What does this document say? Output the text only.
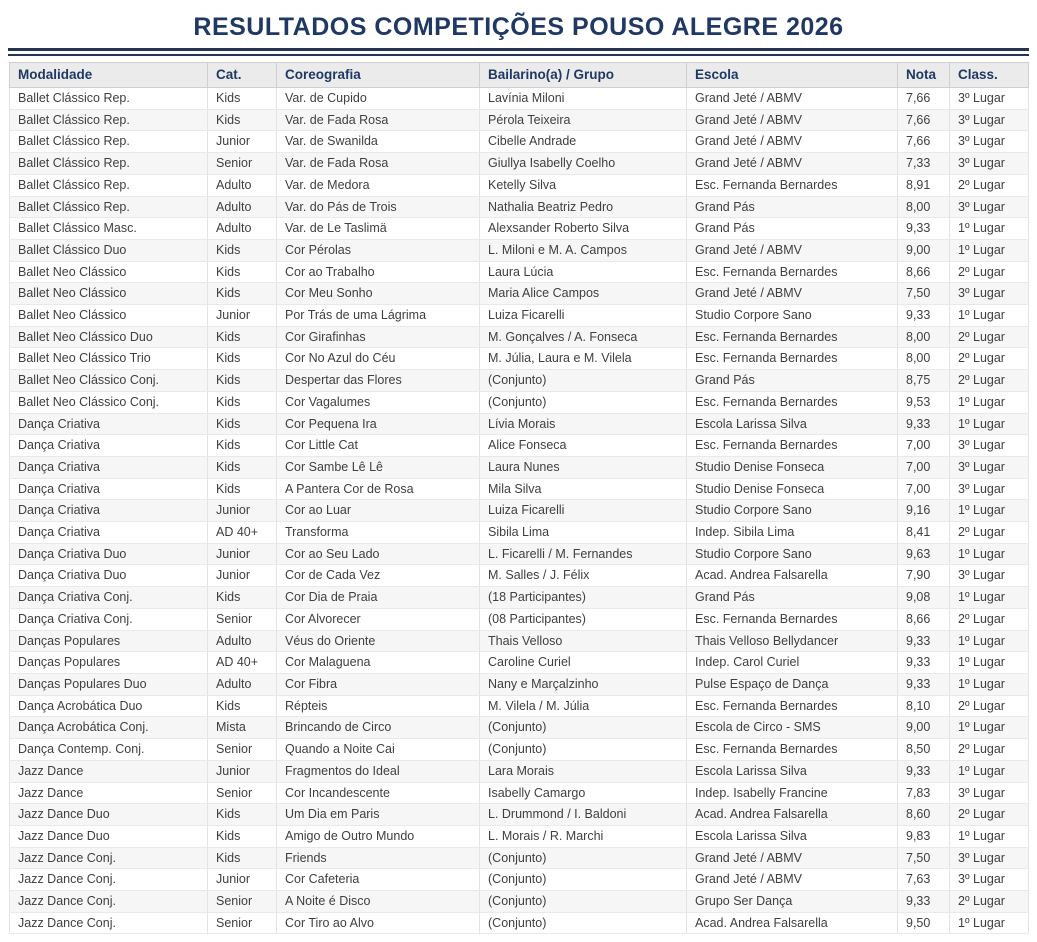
RESULTADOS COMPETIÇÕES POUSO ALEGRE 2026
Modalidade	Cat.	Coreografia	Bailarino(a) / Grupo	Escola	Nota	Class.
Ballet Clássico Rep.	Kids	Var. de Cupido	Lavínia Miloni	Grand Jeté / ABMV	7,66	3º Lugar
Ballet Clássico Rep.	Kids	Var. de Fada Rosa	Pérola Teixeira	Grand Jeté / ABMV	7,66	3º Lugar
Ballet Clássico Rep.	Junior	Var. de Swanilda	Cibelle Andrade	Grand Jeté / ABMV	7,66	3º Lugar
Ballet Clássico Rep.	Senior	Var. de Fada Rosa	Giullya Isabelly Coelho	Grand Jeté / ABMV	7,33	3º Lugar
Ballet Clássico Rep.	Adulto	Var. de Medora	Ketelly Silva	Esc. Fernanda Bernardes	8,91	2º Lugar
Ballet Clássico Rep.	Adulto	Var. do Pás de Trois	Nathalia Beatriz Pedro	Grand Pás	8,00	3º Lugar
Ballet Clássico Masc.	Adulto	Var. de Le Taslimä	Alexsander Roberto Silva	Grand Pás	9,33	1º Lugar
Ballet Clássico Duo	Kids	Cor Pérolas	L. Miloni e M. A. Campos	Grand Jeté / ABMV	9,00	1º Lugar
Ballet Neo Clássico	Kids	Cor ao Trabalho	Laura Lúcia	Esc. Fernanda Bernardes	8,66	2º Lugar
Ballet Neo Clássico	Kids	Cor Meu Sonho	Maria Alice Campos	Grand Jeté / ABMV	7,50	3º Lugar
Ballet Neo Clássico	Junior	Por Trás de uma Lágrima	Luiza Ficarelli	Studio Corpore Sano	9,33	1º Lugar
Ballet Neo Clássico Duo	Kids	Cor Girafinhas	M. Gonçalves / A. Fonseca	Esc. Fernanda Bernardes	8,00	2º Lugar
Ballet Neo Clássico Trio	Kids	Cor No Azul do Céu	M. Júlia, Laura e M. Vilela	Esc. Fernanda Bernardes	8,00	2º Lugar
Ballet Neo Clássico Conj.	Kids	Despertar das Flores	(Conjunto)	Grand Pás	8,75	2º Lugar
Ballet Neo Clássico Conj.	Kids	Cor Vagalumes	(Conjunto)	Esc. Fernanda Bernardes	9,53	1º Lugar
Dança Criativa	Kids	Cor Pequena Ira	Lívia Morais	Escola Larissa Silva	9,33	1º Lugar
Dança Criativa	Kids	Cor Little Cat	Alice Fonseca	Esc. Fernanda Bernardes	7,00	3º Lugar
Dança Criativa	Kids	Cor Sambe Lê Lê	Laura Nunes	Studio Denise Fonseca	7,00	3º Lugar
Dança Criativa	Kids	A Pantera Cor de Rosa	Mila Silva	Studio Denise Fonseca	7,00	3º Lugar
Dança Criativa	Junior	Cor ao Luar	Luiza Ficarelli	Studio Corpore Sano	9,16	1º Lugar
Dança Criativa	AD 40+	Transforma	Sibila Lima	Indep. Sibila Lima	8,41	2º Lugar
Dança Criativa Duo	Junior	Cor ao Seu Lado	L. Ficarelli / M. Fernandes	Studio Corpore Sano	9,63	1º Lugar
Dança Criativa Duo	Junior	Cor de Cada Vez	M. Salles / J. Félix	Acad. Andrea Falsarella	7,90	3º Lugar
Dança Criativa Conj.	Kids	Cor Dia de Praia	(18 Participantes)	Grand Pás	9,08	1º Lugar
Dança Criativa Conj.	Senior	Cor Alvorecer	(08 Participantes)	Esc. Fernanda Bernardes	8,66	2º Lugar
Danças Populares	Adulto	Véus do Oriente	Thais Velloso	Thais Velloso Bellydancer	9,33	1º Lugar
Danças Populares	AD 40+	Cor Malaguena	Caroline Curiel	Indep. Carol Curiel	9,33	1º Lugar
Danças Populares Duo	Adulto	Cor Fibra	Nany e Marçalzinho	Pulse Espaço de Dança	9,33	1º Lugar
Dança Acrobática Duo	Kids	Répteis	M. Vilela / M. Júlia	Esc. Fernanda Bernardes	8,10	2º Lugar
Dança Acrobática Conj.	Mista	Brincando de Circo	(Conjunto)	Escola de Circo - SMS	9,00	1º Lugar
Dança Contemp. Conj.	Senior	Quando a Noite Cai	(Conjunto)	Esc. Fernanda Bernardes	8,50	2º Lugar
Jazz Dance	Junior	Fragmentos do Ideal	Lara Morais	Escola Larissa Silva	9,33	1º Lugar
Jazz Dance	Senior	Cor Incandescente	Isabelly Camargo	Indep. Isabelly Francine	7,83	3º Lugar
Jazz Dance Duo	Kids	Um Dia em Paris	L. Drummond / I. Baldoni	Acad. Andrea Falsarella	8,60	2º Lugar
Jazz Dance Duo	Kids	Amigo de Outro Mundo	L. Morais / R. Marchi	Escola Larissa Silva	9,83	1º Lugar
Jazz Dance Conj.	Kids	Friends	(Conjunto)	Grand Jeté / ABMV	7,50	3º Lugar
Jazz Dance Conj.	Junior	Cor Cafeteria	(Conjunto)	Grand Jeté / ABMV	7,63	3º Lugar
Jazz Dance Conj.	Senior	A Noite é Disco	(Conjunto)	Grupo Ser Dança	9,33	2º Lugar
Jazz Dance Conj.	Senior	Cor Tiro ao Alvo	(Conjunto)	Acad. Andrea Falsarella	9,50	1º Lugar
